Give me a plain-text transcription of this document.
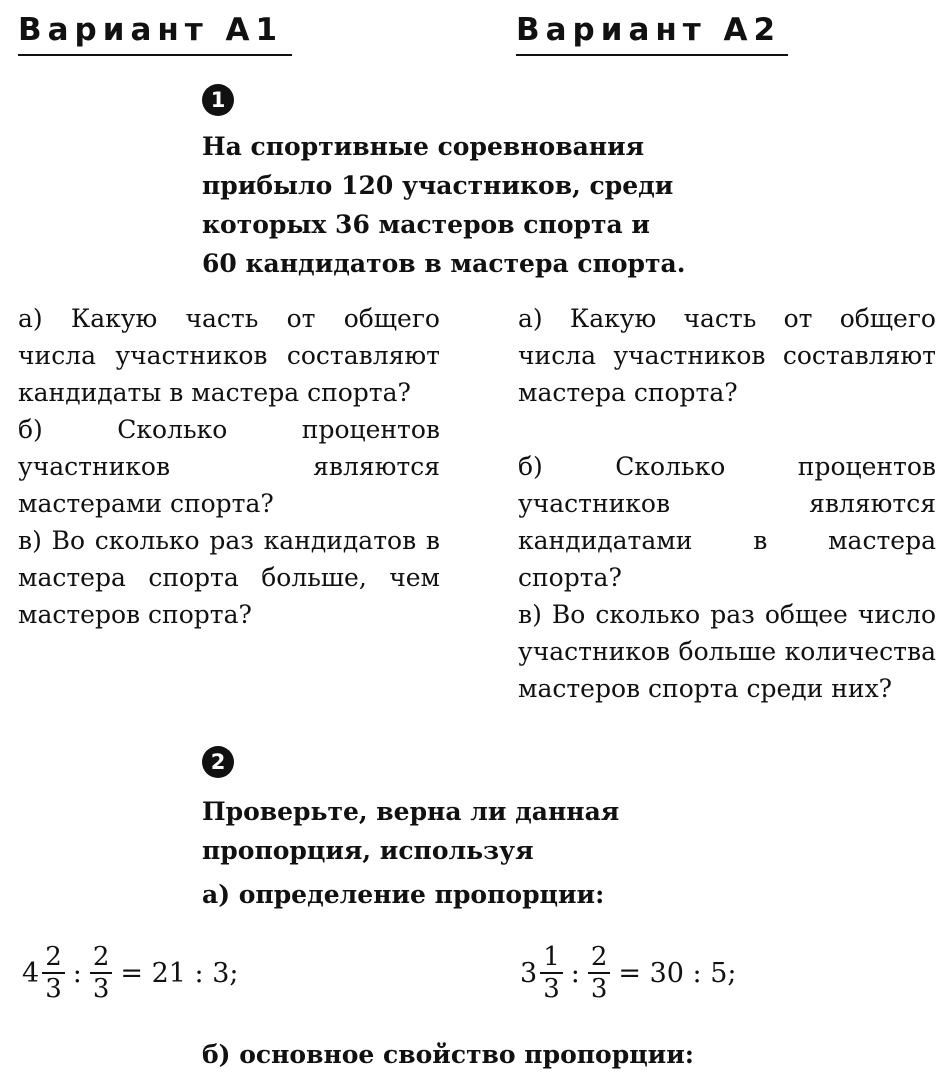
Вариант А1	Вариант А2
1
На спортивные соревнования
прибыло 120 участников, среди
которых 36 мастеров спорта и
60 кандидатов в мастера спорта.

а) Какую часть от общего числа участников составляют кандидаты в мастера спорта?

б) Сколько процентов участников являются мастерами спорта?

в) Во сколько раз кандидатов в мастера спорта больше, чем мастеров спорта?

а) Какую часть от общего числа участников составляют мастера спорта?

б) Сколько процентов участников являются кандидатами в мастера спорта?

в) Во сколько раз общее число участников больше количества мастеров спорта среди них?

2
Проверьте, верна ли данная пропорция, используя
а) определение пропорции:
$4 \frac{2}{3}$ : $\frac{2}{3} = 21$ : 3;	$3 \frac{1}{3}$ : $\frac{2}{3} = 30$ : 5;
б) основное свойство пропорции:
